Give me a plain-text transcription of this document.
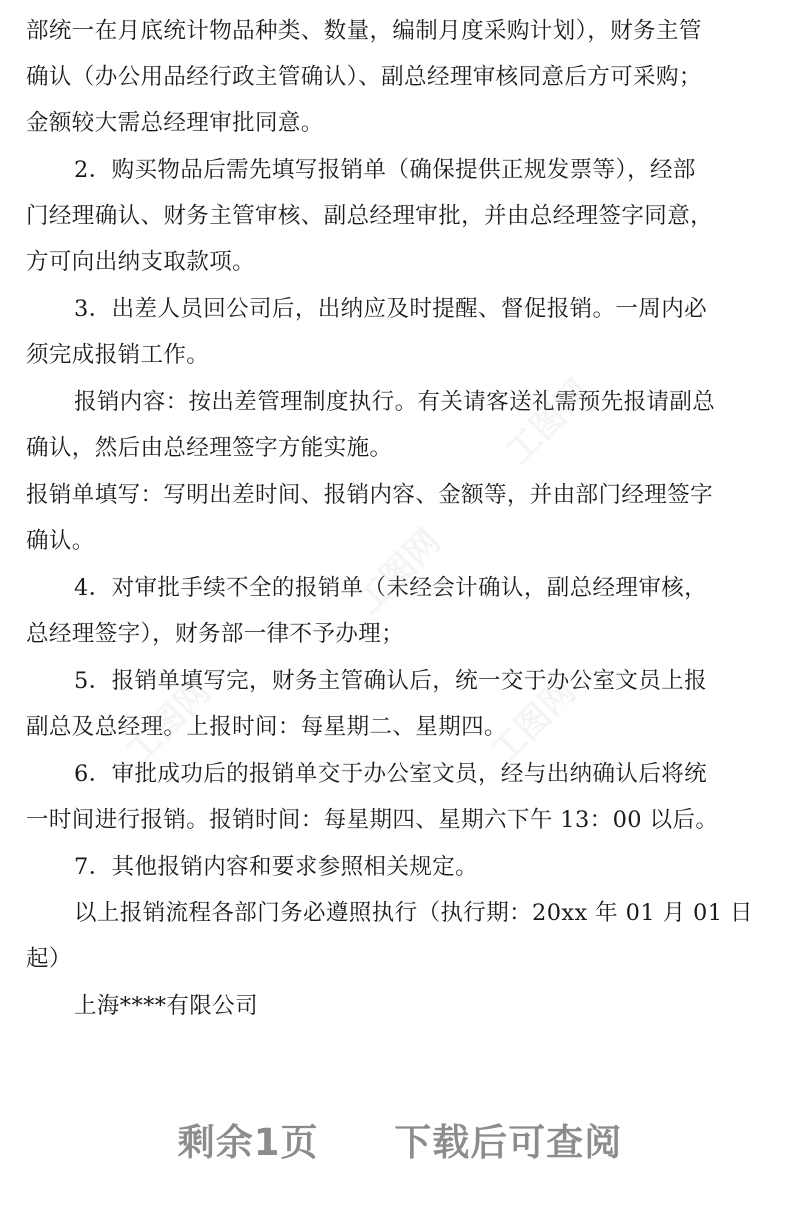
部统一在月底统计物品种类、数量，编制月度采购计划），财务主管
确认（办公用品经行政主管确认）、副总经理审核同意后方可采购；
金额较大需总经理审批同意。
2．购买物品后需先填写报销单（确保提供正规发票等），经部
门经理确认、财务主管审核、副总经理审批，并由总经理签字同意，
方可向出纳支取款项。
3．出差人员回公司后，出纳应及时提醒、督促报销。一周内必
须完成报销工作。
报销内容：按出差管理制度执行。有关请客送礼需预先报请副总
确认，然后由总经理签字方能实施。
报销单填写：写明出差时间、报销内容、金额等，并由部门经理签字
确认。
4．对审批手续不全的报销单（未经会计确认，副总经理审核，
总经理签字），财务部一律不予办理；
5．报销单填写完，财务主管确认后，统一交于办公室文员上报
副总及总经理。上报时间：每星期二、星期四。
6．审批成功后的报销单交于办公室文员，经与出纳确认后将统
一时间进行报销。报销时间：每星期四、星期六下午 13：00 以后。
7．其他报销内容和要求参照相关规定。
以上报销流程各部门务必遵照执行（执行期：20xx 年 01 月 01 日
起）
上海****有限公司
工图网
工图网
工图网
工图网
剩余1页 下载后可查阅
